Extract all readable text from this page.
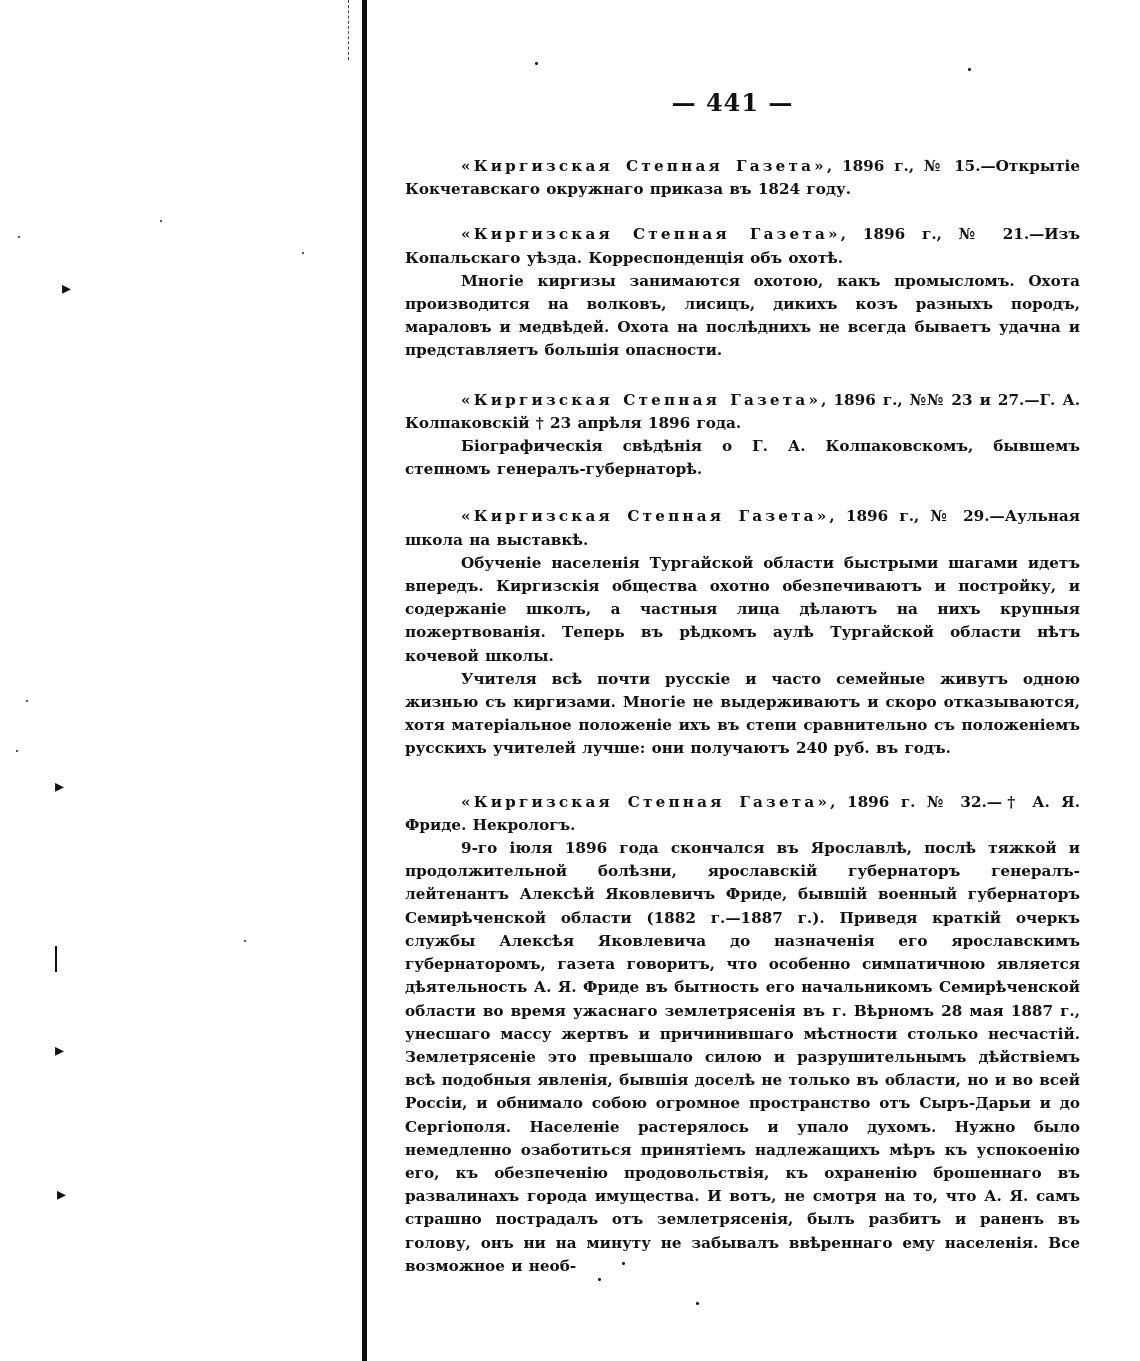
▸
▸
▸
▸
— 441 —

«Киргизская Степная Газета», 1896 г., № 15.—Открытіе Кокчетавскаго окружнаго приказа въ 1824 году.

«Киргизская Степная Газета», 1896 г., № 21.—Изъ Копальскаго уѣзда. Корреспонденція объ охотѣ.

Многіе киргизы занимаются охотою, какъ промысломъ. Охота производится на волковъ, лисицъ, дикихъ козъ разныхъ породъ, мараловъ и медвѣдей. Охота на послѣднихъ не всегда бываетъ удачна и представляетъ большія опасности.

«Киргизская Степная Газета», 1896 г., №№ 23 и 27.—Г. А. Колпаковскій † 23 апрѣля 1896 года.

Біографическія свѣдѣнія о Г. А. Колпаковскомъ, бывшемъ степномъ генералъ-губернаторѣ.

«Киргизская Степная Газета», 1896 г., № 29.—Аульная школа на выставкѣ.

Обученіе населенія Тургайской области быстрыми шагами идетъ впередъ. Киргизскія общества охотно обезпечиваютъ и постройку, и содержаніе школъ, а частныя лица дѣлаютъ на нихъ крупныя пожертвованія. Теперь въ рѣдкомъ аулѣ Тургайской области нѣтъ кочевой школы.

Учителя всѣ почти русскіе и часто семейные живутъ одною жизнью съ киргизами. Многіе не выдерживаютъ и скоро отказываются, хотя матеріальное положеніе ихъ въ степи сравнительно съ положеніемъ русскихъ учителей лучше: они получаютъ 240 руб. въ годъ.

«Киргизская Степная Газета», 1896 г. № 32.—† А. Я. Фриде. Некрологъ.

9-го іюля 1896 года скончался въ Ярославлѣ, послѣ тяжкой и продолжительной болѣзни, ярославскій губернаторъ генералъ-лейтенантъ Алексѣй Яковлевичъ Фриде, бывшій военный губернаторъ Семирѣченской области (1882 г.—1887 г.). Приведя краткій очеркъ службы Алексѣя Яковлевича до назначенія его ярославскимъ губернаторомъ, газета говоритъ, что особенно симпатичною является дѣятельность А. Я. Фриде въ бытность его начальникомъ Семирѣченской области во время ужаснаго землетрясенія въ г. Вѣрномъ 28 мая 1887 г., унесшаго массу жертвъ и причинившаго мѣстности столько несчастій. Землетрясеніе это превышало силою и разрушительнымъ дѣйствіемъ всѣ подобныя явленія, бывшія доселѣ не только въ области, но и во всей Россіи, и обнимало собою огромное пространство отъ Сыръ-Дарьи и до Сергіополя. Населеніе растерялось и упало духомъ. Нужно было немедленно озаботиться принятіемъ надлежащихъ мѣръ къ успокоенію его, къ обезпеченію продовольствія, къ охраненію брошеннаго въ развалинахъ города имущества. И вотъ, не смотря на то, что А. Я. самъ страшно пострадалъ отъ землетрясенія, былъ разбитъ и раненъ въ голову, онъ ни на минуту не забывалъ ввѣреннаго ему населенія. Все возможное и необ-
